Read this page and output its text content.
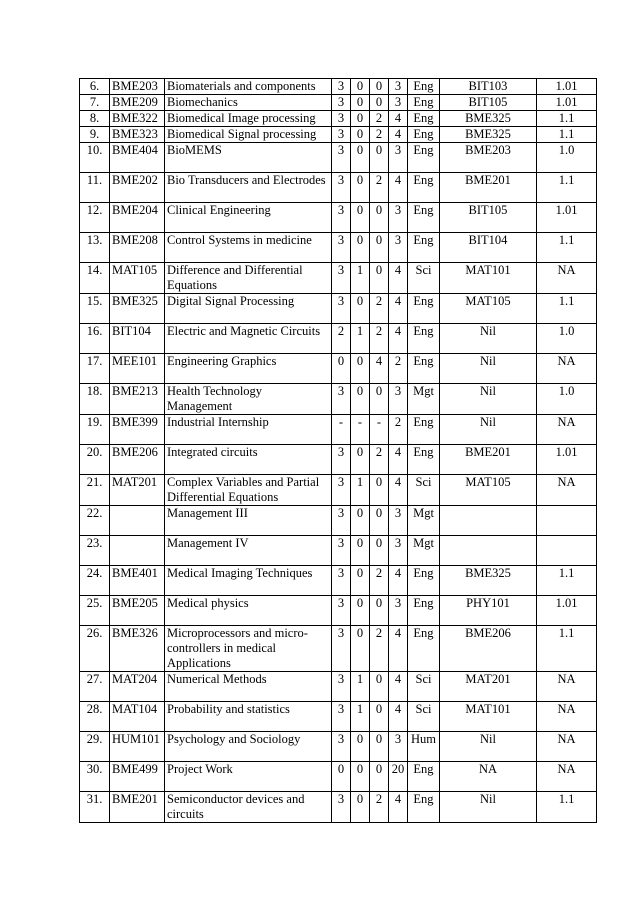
6.	BME203	Biomaterials and components	3	0	0	3	Eng	BIT103	1.01
7.	BME209	Biomechanics	3	0	0	3	Eng	BIT105	1.01
8.	BME322	Biomedical Image processing	3	0	2	4	Eng	BME325	1.1
9.	BME323	Biomedical Signal processing	3	0	2	4	Eng	BME325	1.1
10.	BME404	BioMEMS	3	0	0	3	Eng	BME203	1.0
11.	BME202	Bio Transducers and Electrodes	3	0	2	4	Eng	BME201	1.1
12.	BME204	Clinical Engineering	3	0	0	3	Eng	BIT105	1.01
13.	BME208	Control Systems in medicine	3	0	0	3	Eng	BIT104	1.1
14.	MAT105	Difference and Differential Equations	3	1	0	4	Sci	MAT101	NA
15.	BME325	Digital Signal Processing	3	0	2	4	Eng	MAT105	1.1
16.	BIT104	Electric and Magnetic Circuits	2	1	2	4	Eng	Nil	1.0
17.	MEE101	Engineering Graphics	0	0	4	2	Eng	Nil	NA
18.	BME213	Health Technology Management	3	0	0	3	Mgt	Nil	1.0
19.	BME399	Industrial Internship	-	-	-	2	Eng	Nil	NA
20.	BME206	Integrated circuits	3	0	2	4	Eng	BME201	1.01
21.	MAT201	Complex Variables and Partial Differential Equations	3	1	0	4	Sci	MAT105	NA
22.		Management III	3	0	0	3	Mgt		
23.		Management IV	3	0	0	3	Mgt		
24.	BME401	Medical Imaging Techniques	3	0	2	4	Eng	BME325	1.1
25.	BME205	Medical physics	3	0	0	3	Eng	PHY101	1.01
26.	BME326	Microprocessors and micro-controllers in medical Applications	3	0	2	4	Eng	BME206	1.1
27.	MAT204	Numerical Methods	3	1	0	4	Sci	MAT201	NA
28.	MAT104	Probability and statistics	3	1	0	4	Sci	MAT101	NA
29.	HUM101	Psychology and Sociology	3	0	0	3	Hum	Nil	NA
30.	BME499	Project Work	0	0	0	20	Eng	NA	NA
31.	BME201	Semiconductor devices and circuits	3	0	2	4	Eng	Nil	1.1
